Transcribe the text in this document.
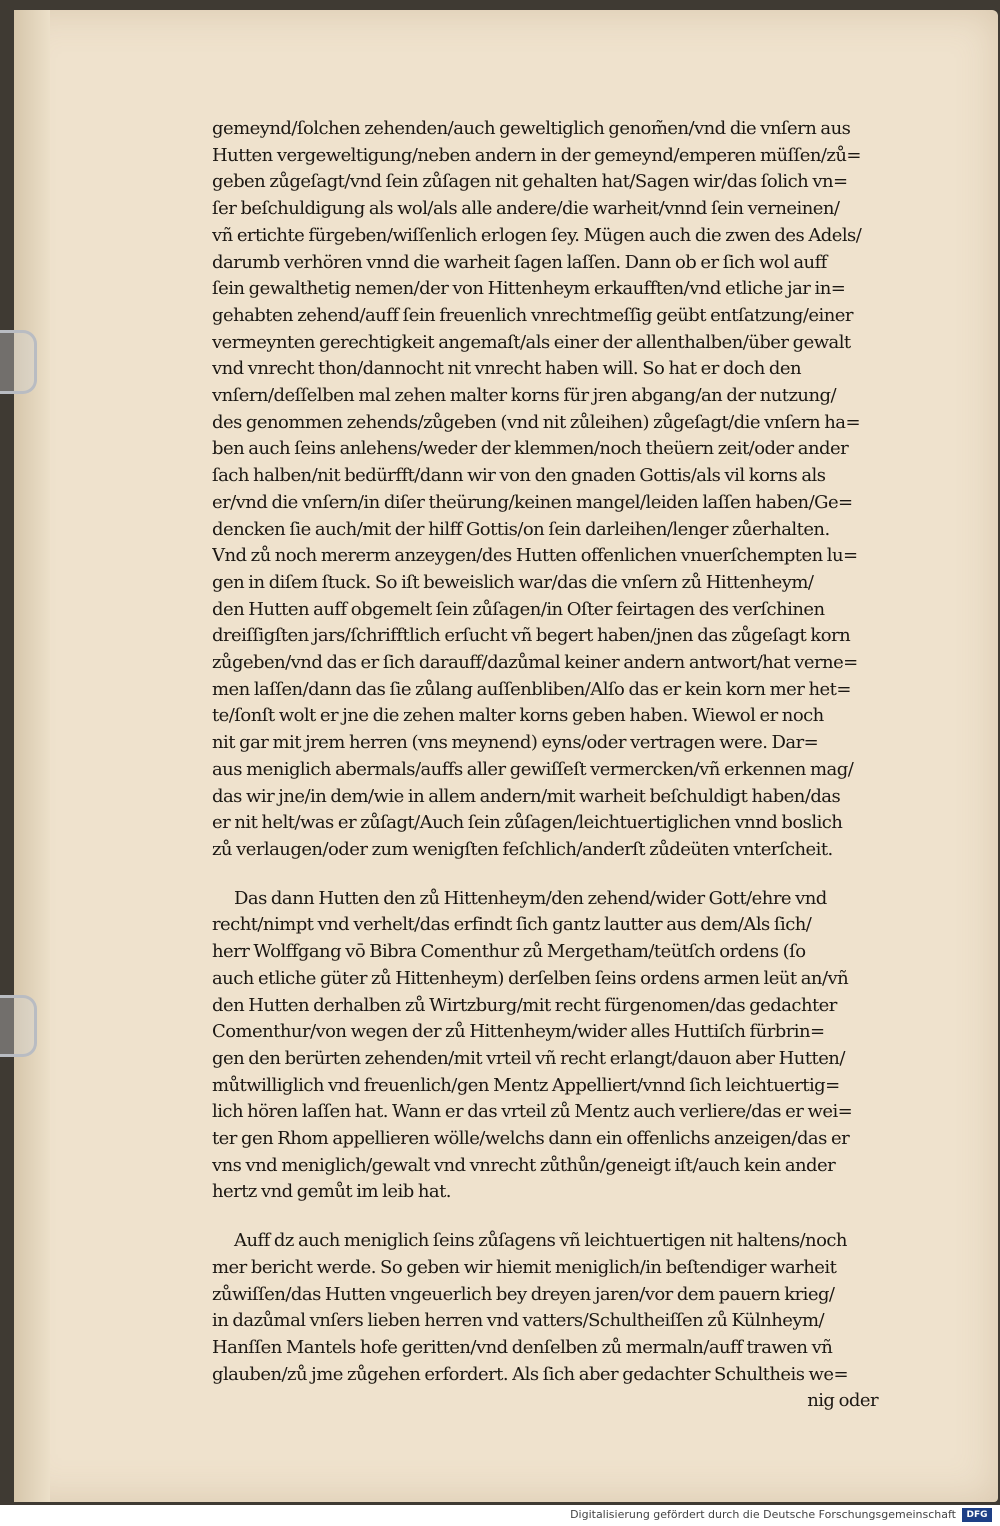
gemeynd/ſolchen zehenden/auch geweltiglich genom̃en/vnd die vnſern aus
Hutten vergeweltigung/neben andern in der gemeynd/emperen müſſen/zů=
geben zůgeſagt/vnd ſein zůſagen nit gehalten hat/Sagen wir/das ſolich vn=
ſer beſchuldigung als wol/als alle andere/die warheit/vnnd ſein verneinen/
vñ ertichte fürgeben/wiſſenlich erlogen ſey. Mügen auch die zwen des Adels/
darumb verhören vnnd die warheit ſagen laſſen. Dann ob er ſich wol auff
ſein gewalthetig nemen/der von Hittenheym erkaufften/vnd etliche jar in=
gehabten zehend/auff ſein freuenlich vnrechtmeſſig geübt entſatzung/einer
vermeynten gerechtigkeit angemaſt/als einer der allenthalben/über gewalt
vnd vnrecht thon/dannocht nit vnrecht haben will. So hat er doch den
vnſern/deſſelben mal zehen malter korns für jren abgang/an der nutzung/
des genommen zehends/zůgeben (vnd nit zůleihen) zůgeſagt/die vnſern ha=
ben auch ſeins anlehens/weder der klemmen/noch theüern zeit/oder ander
ſach halben/nit bedürfft/dann wir von den gnaden Gottis/als vil korns als
er/vnd die vnſern/in diſer theürung/keinen mangel/leiden laſſen haben/Ge=
dencken ſie auch/mit der hilff Gottis/on ſein darleihen/lenger zůerhalten.
Vnd zů noch mererm anzeygen/des Hutten offenlichen vnuerſchempten lu=
gen in diſem ſtuck. So iſt beweislich war/das die vnſern zů Hittenheym/
den Hutten auff obgemelt ſein zůſagen/in Oſter feirtagen des verſchinen
dreiſſigſten jars/ſchrifftlich erſucht vñ begert haben/jnen das zůgeſagt korn
zůgeben/vnd das er ſich darauff/dazůmal keiner andern antwort/hat verne=
men laſſen/dann das ſie zůlang auſſenbliben/Alſo das er kein korn mer het=
te/ſonſt wolt er jne die zehen malter korns geben haben. Wiewol er noch
nit gar mit jrem herren (vns meynend) eyns/oder vertragen were. Dar=
aus meniglich abermals/auffs aller gewiſſeſt vermercken/vñ erkennen mag/
das wir jne/in dem/wie in allem andern/mit warheit beſchuldigt haben/das
er nit helt/was er zůſagt/Auch ſein zůſagen/leichtuertiglichen vnnd boslich
zů verlaugen/oder zum wenigſten feſchlich/anderſt zůdeüten vnterſcheit.
Das dann Hutten den zů Hittenheym/den zehend/wider Gott/ehre vnd
recht/nimpt vnd verhelt/das erfindt ſich gantz lautter aus dem/Als ſich/
herr Wolffgang vō Bibra Comenthur zů Mergetham/teütſch ordens (ſo
auch etliche güter zů Hittenheym) derſelben ſeins ordens armen leüt an/vñ
den Hutten derhalben zů Wirtzburg/mit recht fürgenomen/das gedachter
Comenthur/von wegen der zů Hittenheym/wider alles Huttiſch fürbrin=
gen den berürten zehenden/mit vrteil vñ recht erlangt/dauon aber Hutten/
můtwilliglich vnd freuenlich/gen Mentz Appelliert/vnnd ſich leichtuertig=
lich hören laſſen hat. Wann er das vrteil zů Mentz auch verliere/das er wei=
ter gen Rhom appellieren wölle/welchs dann ein offenlichs anzeigen/das er
vns vnd meniglich/gewalt vnd vnrecht zůthůn/geneigt iſt/auch kein ander
hertz vnd gemůt im leib hat.
Auff dz auch meniglich ſeins zůſagens vñ leichtuertigen nit haltens/noch
mer bericht werde. So geben wir hiemit meniglich/in beſtendiger warheit
zůwiſſen/das Hutten vngeuerlich bey dreyen jaren/vor dem pauern krieg/
in dazůmal vnſers lieben herren vnd vatters/Schultheiſſen zů Külnheym/
Hanſſen Mantels hofe geritten/vnd denſelben zů mermaln/auff trawen vñ
glauben/zů jme zůgehen erfordert. Als ſich aber gedachter Schultheis we=
nig oder
Digitalisierung gefördert durch die Deutsche Forschungsgemeinschaft	DFG
